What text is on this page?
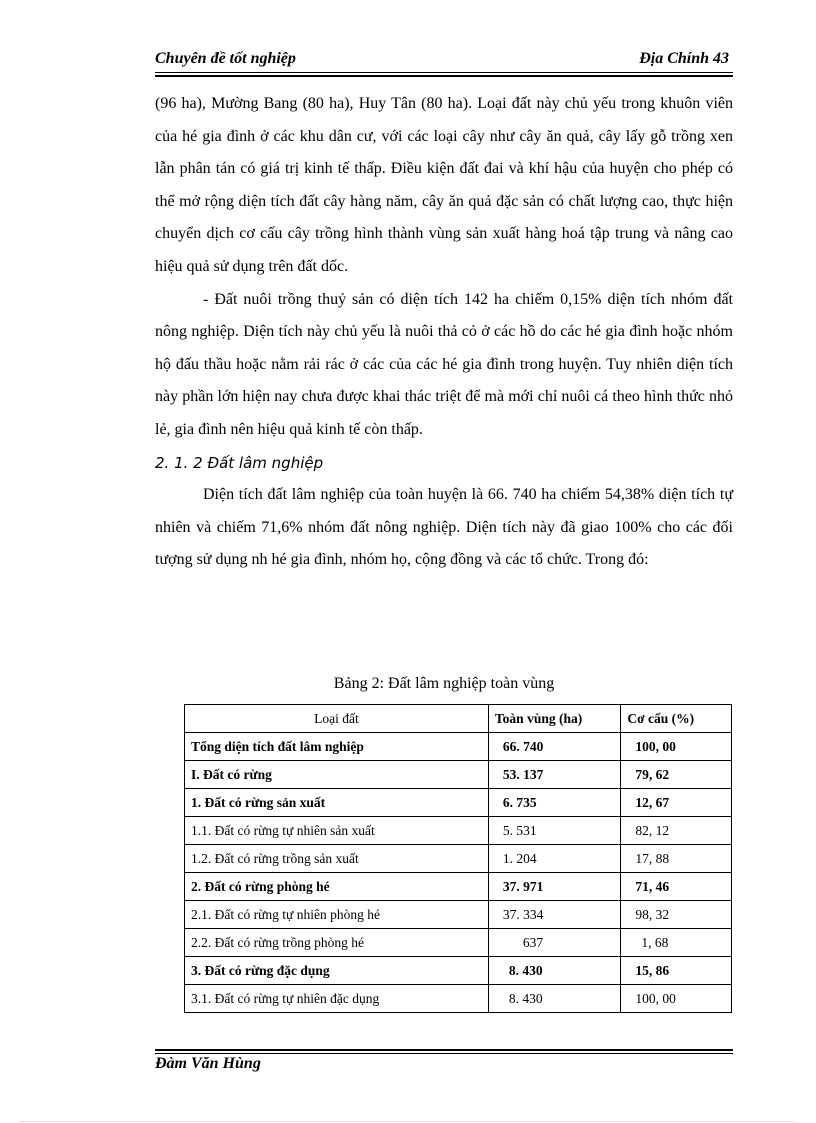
Chuyên đề tốt nghiệp	Địa Chính 43

(96 ha), Mường Bang (80 ha), Huy Tân (80 ha). Loại đất này chủ yếu trong khuôn viên của hé gia đình ở các khu dân cư, với các loại cây như cây ăn quả, cây lấy gỗ trồng xen lẫn phân tán có giá trị kinh tế thấp. Điều kiện đất đai và khí hậu của huyện cho phép có thể mở rộng diện tích đất cây hàng năm, cây ăn quả đặc sản có chất lượng cao, thực hiện chuyển dịch cơ cấu cây trồng hình thành vùng sản xuất hàng hoá tập trung và nâng cao hiệu quả sử dụng trên đất dốc.

- Đất nuôi trồng thuỷ sản có diện tích 142 ha chiếm 0,15% diện tích nhóm đất nông nghiệp. Diện tích này chủ yếu là nuôi thả cỏ ở các hồ do các hé gia đình hoặc nhóm hộ đấu thầu hoặc nằm rải rác ở các của các hé gia đình trong huyện. Tuy nhiên diện tích này phần lớn hiện nay chưa được khai thác triệt để mà mới chỉ nuôi cá theo hình thức nhỏ lẻ, gia đình nên hiệu quả kinh tế còn thấp.

2. 1. 2 Đất lâm nghiệp

Diện tích đất lâm nghiệp của toàn huyện là 66. 740 ha chiếm 54,38% diện tích tự nhiên và chiếm 71,6% nhóm đất nông nghiệp. Diện tích này đã giao 100% cho các đối tượng sử dụng nh hé gia đình, nhóm họ, cộng đồng và các tổ chức. Trong đó:

Bảng 2: Đất lâm nghiệp toàn vùng
Loại đất	Toàn vùng (ha)	Cơ cấu (%)
Tổng diện tích đất lâm nghiệp	66. 740	100, 00
I. Đất có rừng	53. 137	79, 62
1. Đất có rừng sản xuất	6. 735	12, 67
1.1. Đất có rừng tự nhiên sản xuất	5. 531	82, 12
1.2. Đất có rừng trồng sản xuất	1. 204	17, 88
2. Đất có rừng phòng hé	37. 971	71, 46
2.1. Đất có rừng tự nhiên phòng hé	37. 334	98, 32
2.2. Đất có rừng trồng phòng hé	637	1, 68
3. Đất có rừng đặc dụng	8. 430	15, 86
3.1. Đất có rừng tự nhiên đặc dụng	8. 430	100, 00
Đàm Văn Hùng
